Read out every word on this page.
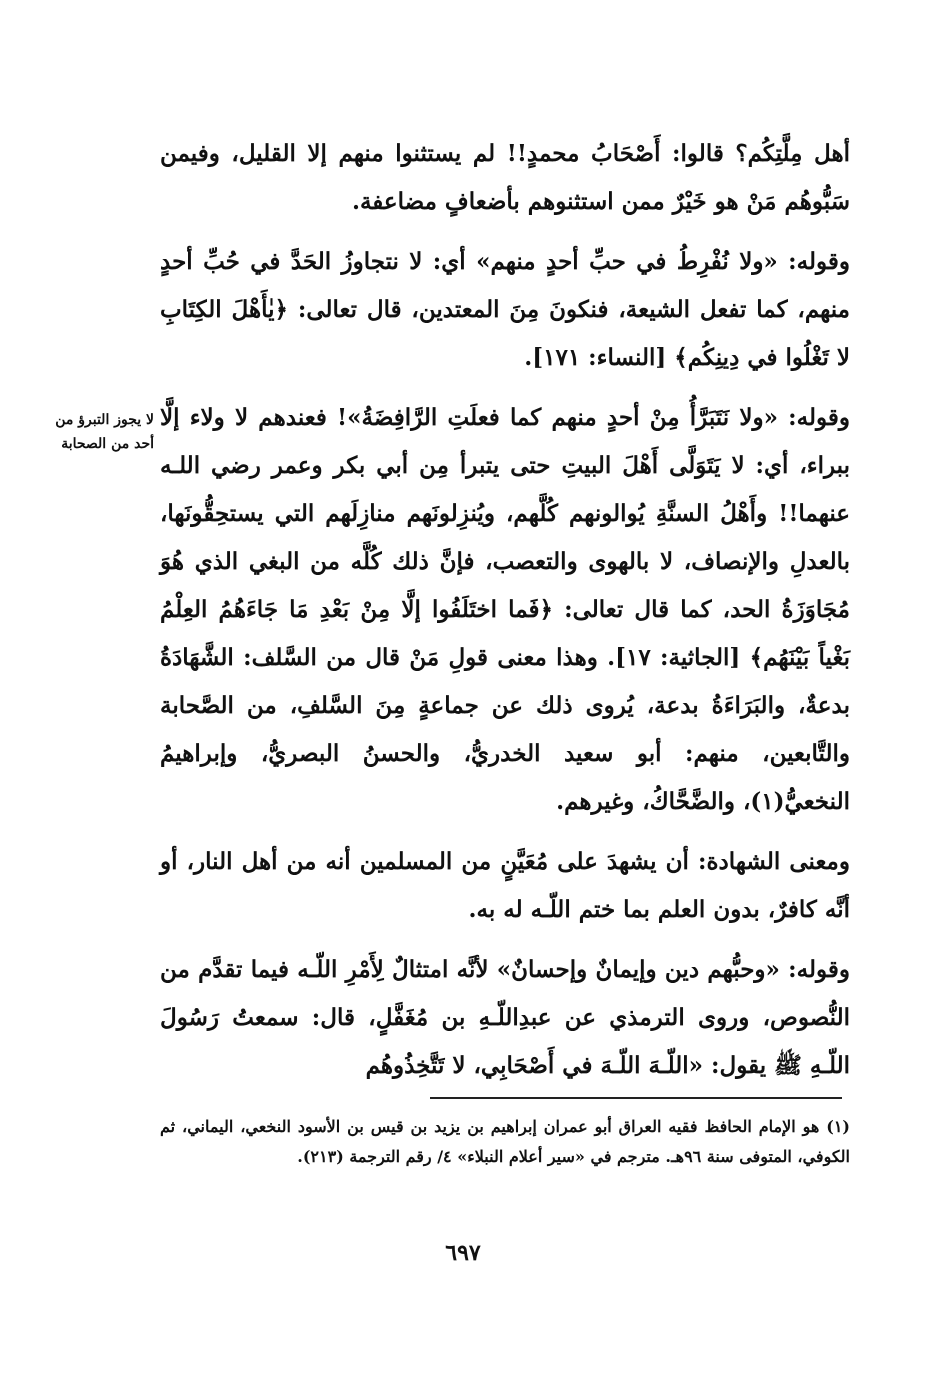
أهل مِلَّتِكُم؟ قالوا: أَصْحَابُ محمدٍ!! لم يستثنوا منهم إلا القليل، وفيمن سَبُّوهُم مَنْ هو خَيْرٌ ممن استثنوهم بأضعافٍ مضاعفة.

وقوله: «ولا نُفْرِطُ في حبِّ أحدٍ منهم» أي: لا نتجاوزُ الحَدَّ في حُبِّ أحدٍ منهم، كما تفعل الشيعة، فنكونَ مِنَ المعتدين، قال تعالى: ﴿يٰأَهْلَ الكِتَابِ لا تَغْلُوا في دِينِكُم﴾ [النساء: ١٧١].

وقوله: «ولا نَتَبَرَّأُ مِنْ أحدٍ منهم كما فعلَتِ الرَّافِضَةُ»! فعندهم لا ولاء إلَّا ببراء، أي: لا يَتَوَلَّى أَهْلَ البيتِ حتى يتبرأ مِن أبي بكر وعمر رضي اللـه عنهما!! وأَهْلُ السنَّةِ يُوالونهم كُلَّهم، ويُنزِلونَهم منازِلَهم التي يستحِقُّونَها، بالعدلِ والإنصاف، لا بالهوى والتعصب، فإنَّ ذلك كُلَّه من البغي الذي هُوَ مُجَاوَزَةُ الحد، كما قال تعالى: ﴿فَما اختَلَفُوا إلَّا مِنْ بَعْدِ مَا جَاءَهُمُ العِلْمُ بَغْياً بَيْنَهُم﴾ [الجاثية: ١٧]. وهذا معنى قولِ مَنْ قال من السَّلف: الشَّهَادَةُ بدعةٌ، والبَرَاءَةُ بدعة، يُروى ذلك عن جماعةٍ مِنَ السَّلفِ، من الصَّحابة والتَّابعين، منهم: أبو سعيد الخدريُّ، والحسنُ البصريُّ، وإبراهيمُ النخعيُّ(١)، والضَّحَّاكُ، وغيرهم.

ومعنى الشهادة: أن يشهدَ على مُعَيَّنٍ من المسلمين أنه من أهل النار، أو أنَّه كافرٌ، بدون العلم بما ختم اللّـه له به.

وقوله: «وحبُّهم دين وإيمانٌ وإحسانٌ» لأنَّه امتثالٌ لِأَمْرِ اللّـه فيما تقدَّم من النُّصوص، وروى الترمذي عن عبدِاللّـهِ بن مُغَفَّلٍ، قال: سمعتُ رَسُولَ اللّـهِ ﷺ يقول: «اللّـهَ اللّـهَ في أَصْحَابِي، لا تَتَّخِذُوهُم

لا يجوز التبرؤ من
أحد من الصحابة
(١) هو الإمام الحافظ فقيه العراق أبو عمران إبراهيم بن يزيد بن قيس بن الأسود النخعي، اليماني، ثم الكوفي، المتوفى سنة ٩٦هـ. مترجم في «سير أعلام النبلاء» ٤/ رقم الترجمة (٢١٣).
٦٩٧
